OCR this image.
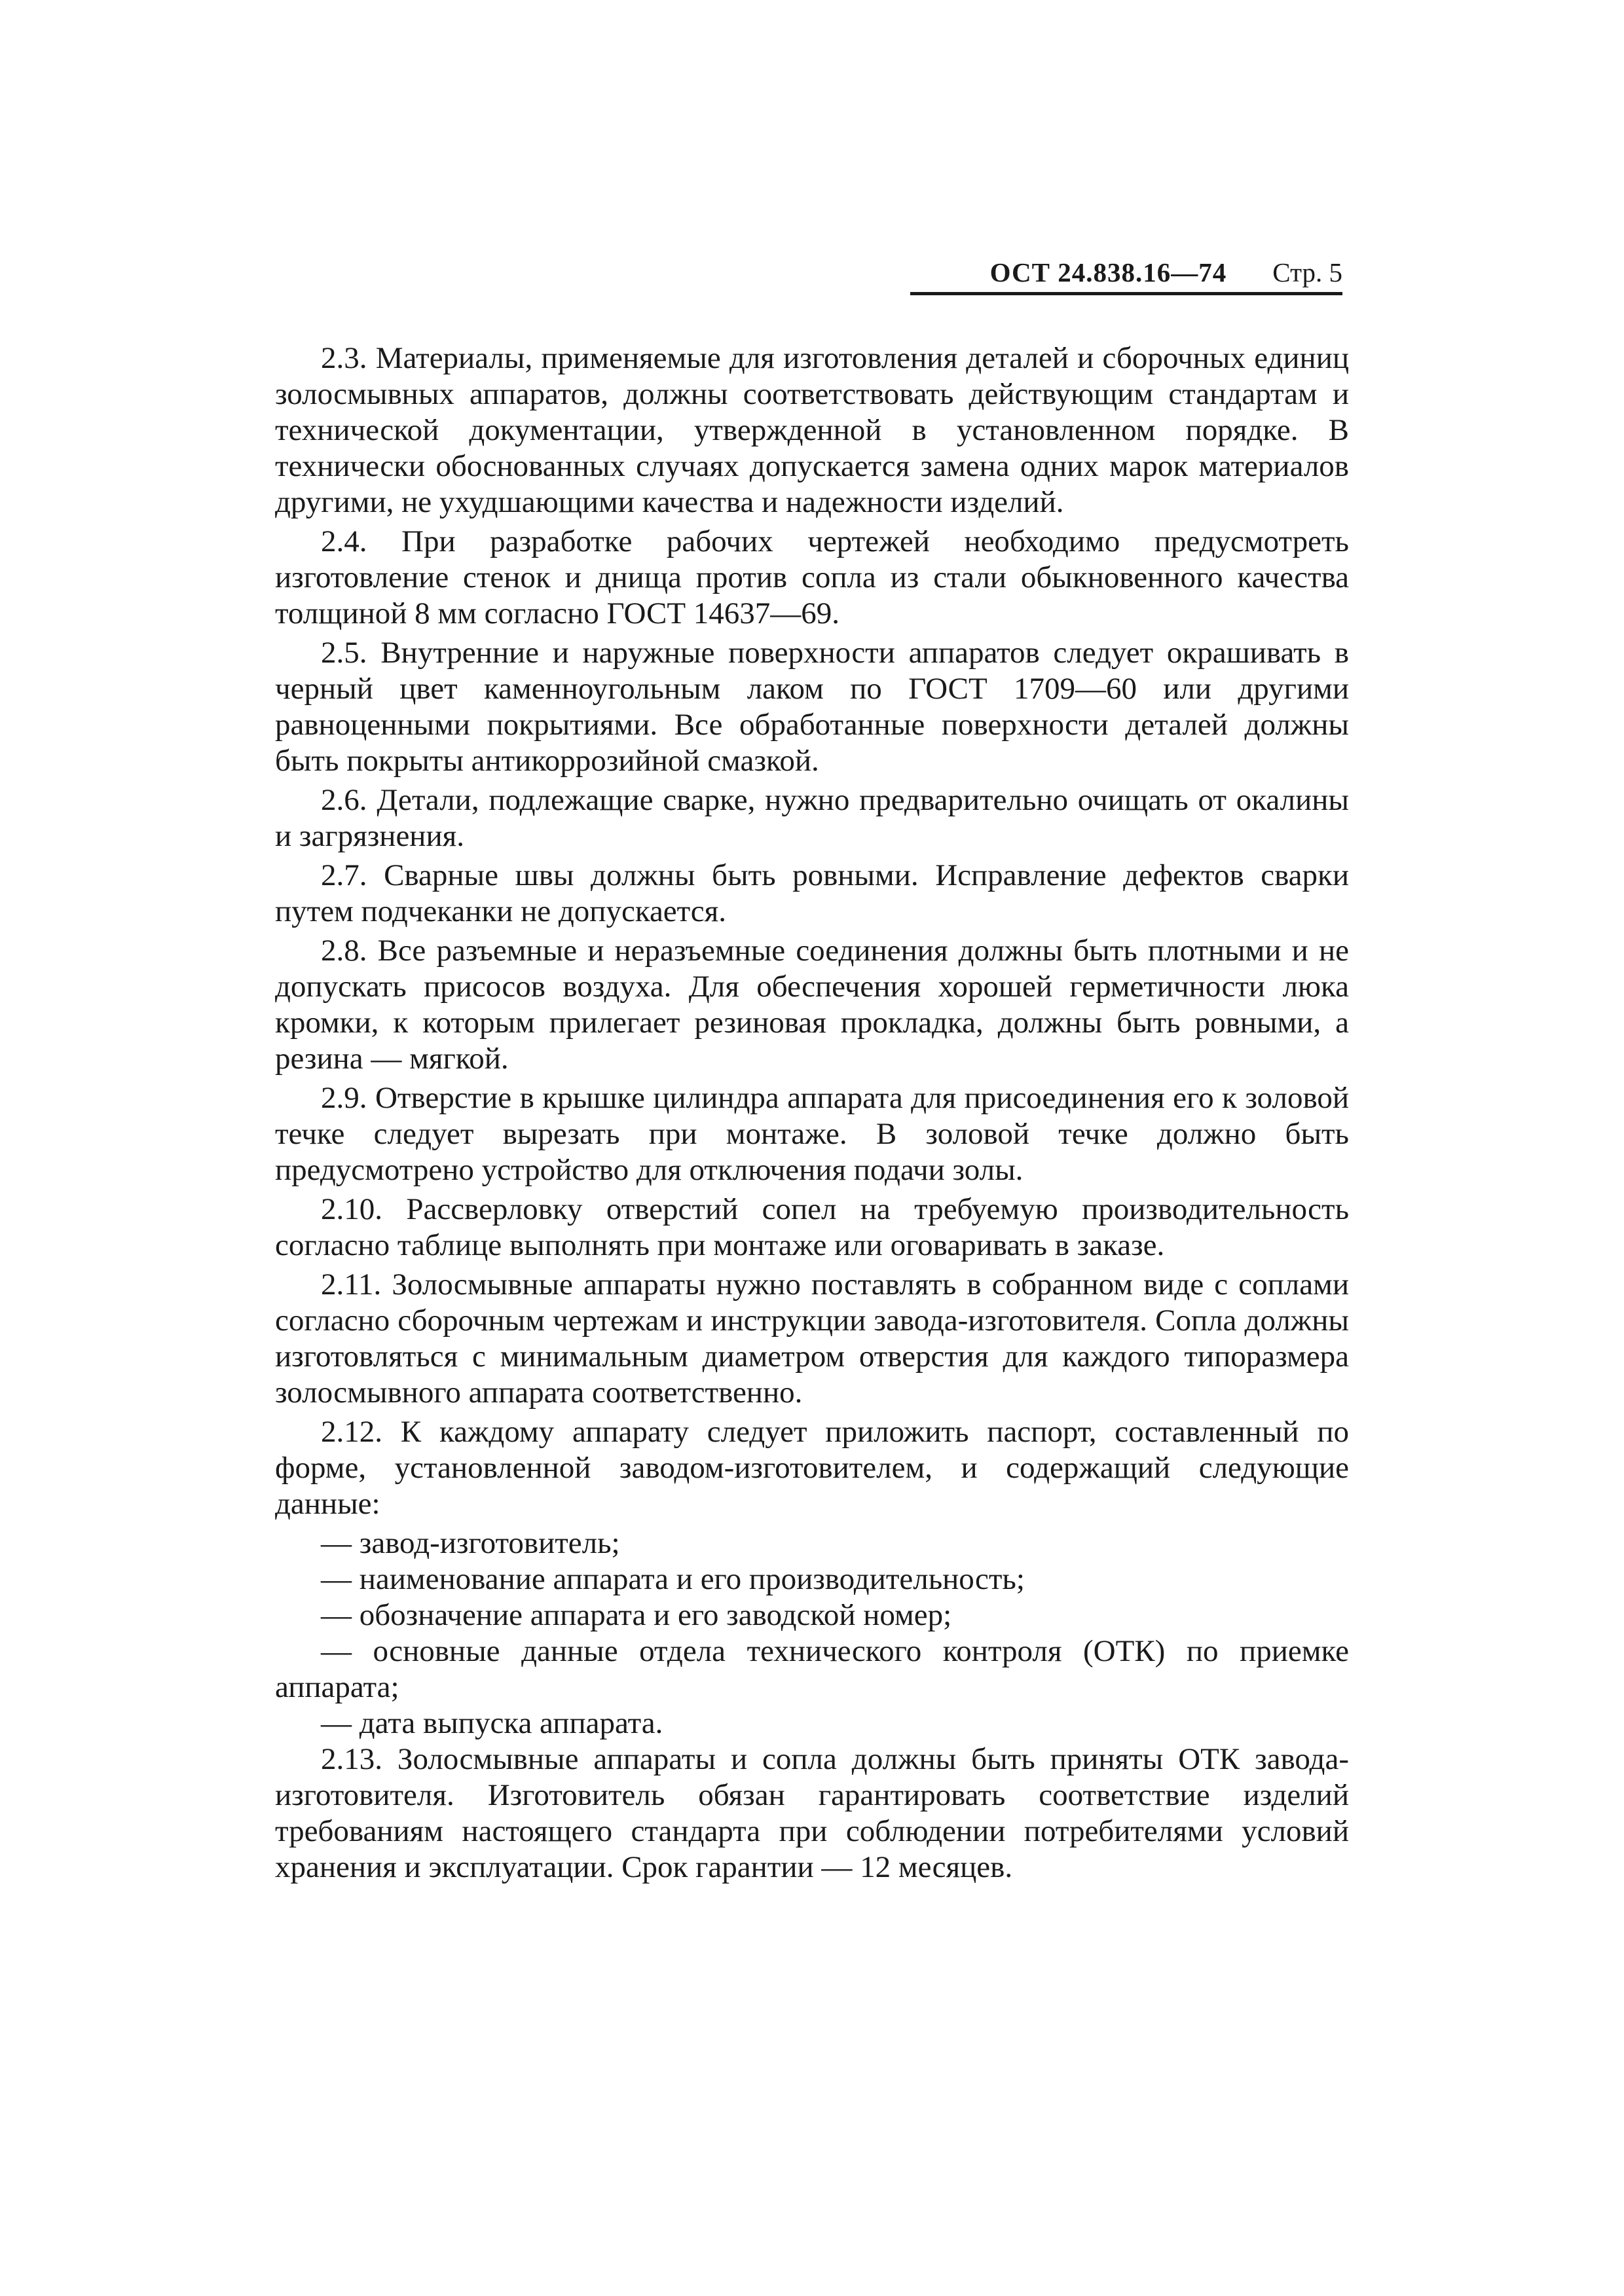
ОСТ 24.838.16—74 Стр. 5

2.3. Материалы, применяемые для изготовления деталей и сборочных единиц золосмывных аппаратов, должны соответствовать действующим стандартам и технической документации, утвержденной в установленном порядке. В технически обоснованных случаях допускается замена одних марок материалов другими, не ухудшающими качества и надежности изделий.

2.4. При разработке рабочих чертежей необходимо предусмотреть изготовление стенок и днища против сопла из стали обыкновенного качества толщиной 8 мм согласно ГОСТ 14637—69.

2.5. Внутренние и наружные поверхности аппаратов следует окрашивать в черный цвет каменноугольным лаком по ГОСТ 1709—60 или другими равноценными покрытиями. Все обработанные поверхности деталей должны быть покрыты антикоррозийной смазкой.

2.6. Детали, подлежащие сварке, нужно предварительно очищать от окалины и загрязнения.

2.7. Сварные швы должны быть ровными. Исправление дефектов сварки путем подчеканки не допускается.

2.8. Все разъемные и неразъемные соединения должны быть плотными и не допускать присосов воздуха. Для обеспечения хорошей герметичности люка кромки, к которым прилегает резиновая прокладка, должны быть ровными, а резина — мягкой.

2.9. Отверстие в крышке цилиндра аппарата для присоединения его к золовой течке следует вырезать при монтаже. В золовой течке должно быть предусмотрено устройство для отключения подачи золы.

2.10. Рассверловку отверстий сопел на требуемую производительность согласно таблице выполнять при монтаже или оговаривать в заказе.

2.11. Золосмывные аппараты нужно поставлять в собранном виде с соплами согласно сборочным чертежам и инструкции завода-изготовителя. Сопла должны изготовляться с минимальным диаметром отверстия для каждого типоразмера золосмывного аппарата соответственно.

2.12. К каждому аппарату следует приложить паспорт, составленный по форме, установленной заводом-изготовителем, и содержащий следующие данные:

— завод-изготовитель;

— наименование аппарата и его производительность;

— обозначение аппарата и его заводской номер;

— основные данные отдела технического контроля (ОТК) по приемке аппарата;

— дата выпуска аппарата.

2.13. Золосмывные аппараты и сопла должны быть приняты ОТК завода-изготовителя. Изготовитель обязан гарантировать соответствие изделий требованиям настоящего стандарта при соблюдении потребителями условий хранения и эксплуатации. Срок гарантии — 12 месяцев.
